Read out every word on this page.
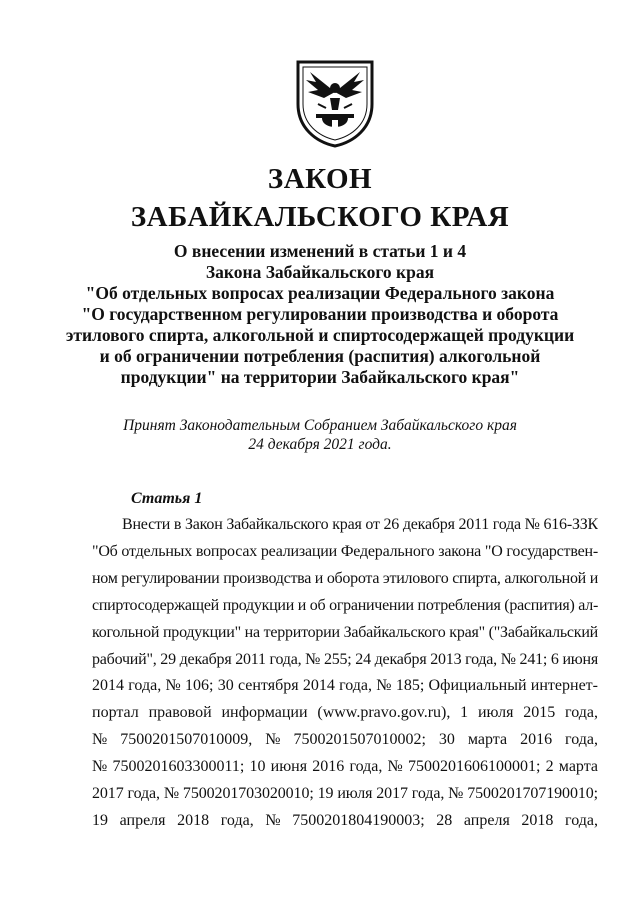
ЗАКОН
ЗАБАЙКАЛЬСКОГО КРАЯ
О внесении изменений в статьи 1 и 4
Закона Забайкальского края
"Об отдельных вопросах реализации Федерального закона
"О государственном регулировании производства и оборота
этилового спирта, алкогольной и спиртосодержащей продукции
и об ограничении потребления (распития) алкогольной
продукции" на территории Забайкальского края"
Принят Законодательным Собранием Забайкальского края
24 декабря 2021 года.
Статья 1
Внести в Закон Забайкальского края от 26 декабря 2011 года № 616-ЗЗК
"Об отдельных вопросах реализации Федерального закона "О государствен-
ном регулировании производства и оборота этилового спирта, алкогольной и
спиртосодержащей продукции и об ограничении потребления (распития) ал-
когольной продукции" на территории Забайкальского края" ("Забайкальский
рабочий", 29 декабря 2011 года, № 255; 24 декабря 2013 года, № 241; 6 июня
2014 года, № 106; 30 сентября 2014 года, № 185; Официальный интернет-
портал правовой информации (www.pravo.gov.ru), 1 июля 2015 года,
№ 7500201507010009, № 7500201507010002; 30 марта 2016 года,
№ 7500201603300011; 10 июня 2016 года, № 7500201606100001; 2 марта
2017 года, № 7500201703020010; 19 июля 2017 года, № 7500201707190010;
19 апреля 2018 года, № 7500201804190003; 28 апреля 2018 года,
